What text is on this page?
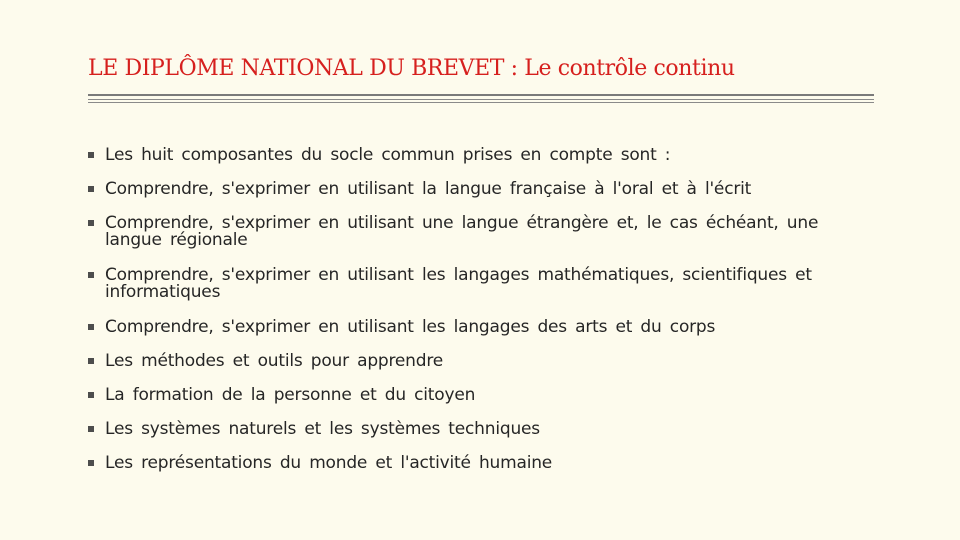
LE DIPLÔME NATIONAL DU BREVET : Le contrôle continu
Les huit composantes du socle commun prises en compte sont :
Comprendre, s'exprimer en utilisant la langue française à l'oral et à l'écrit
Comprendre, s'exprimer en utilisant une langue étrangère et, le cas échéant, une langue régionale
Comprendre, s'exprimer en utilisant les langages mathématiques, scientifiques et informatiques
Comprendre, s'exprimer en utilisant les langages des arts et du corps
Les méthodes et outils pour apprendre
La formation de la personne et du citoyen
Les systèmes naturels et les systèmes techniques
Les représentations du monde et l'activité humaine
